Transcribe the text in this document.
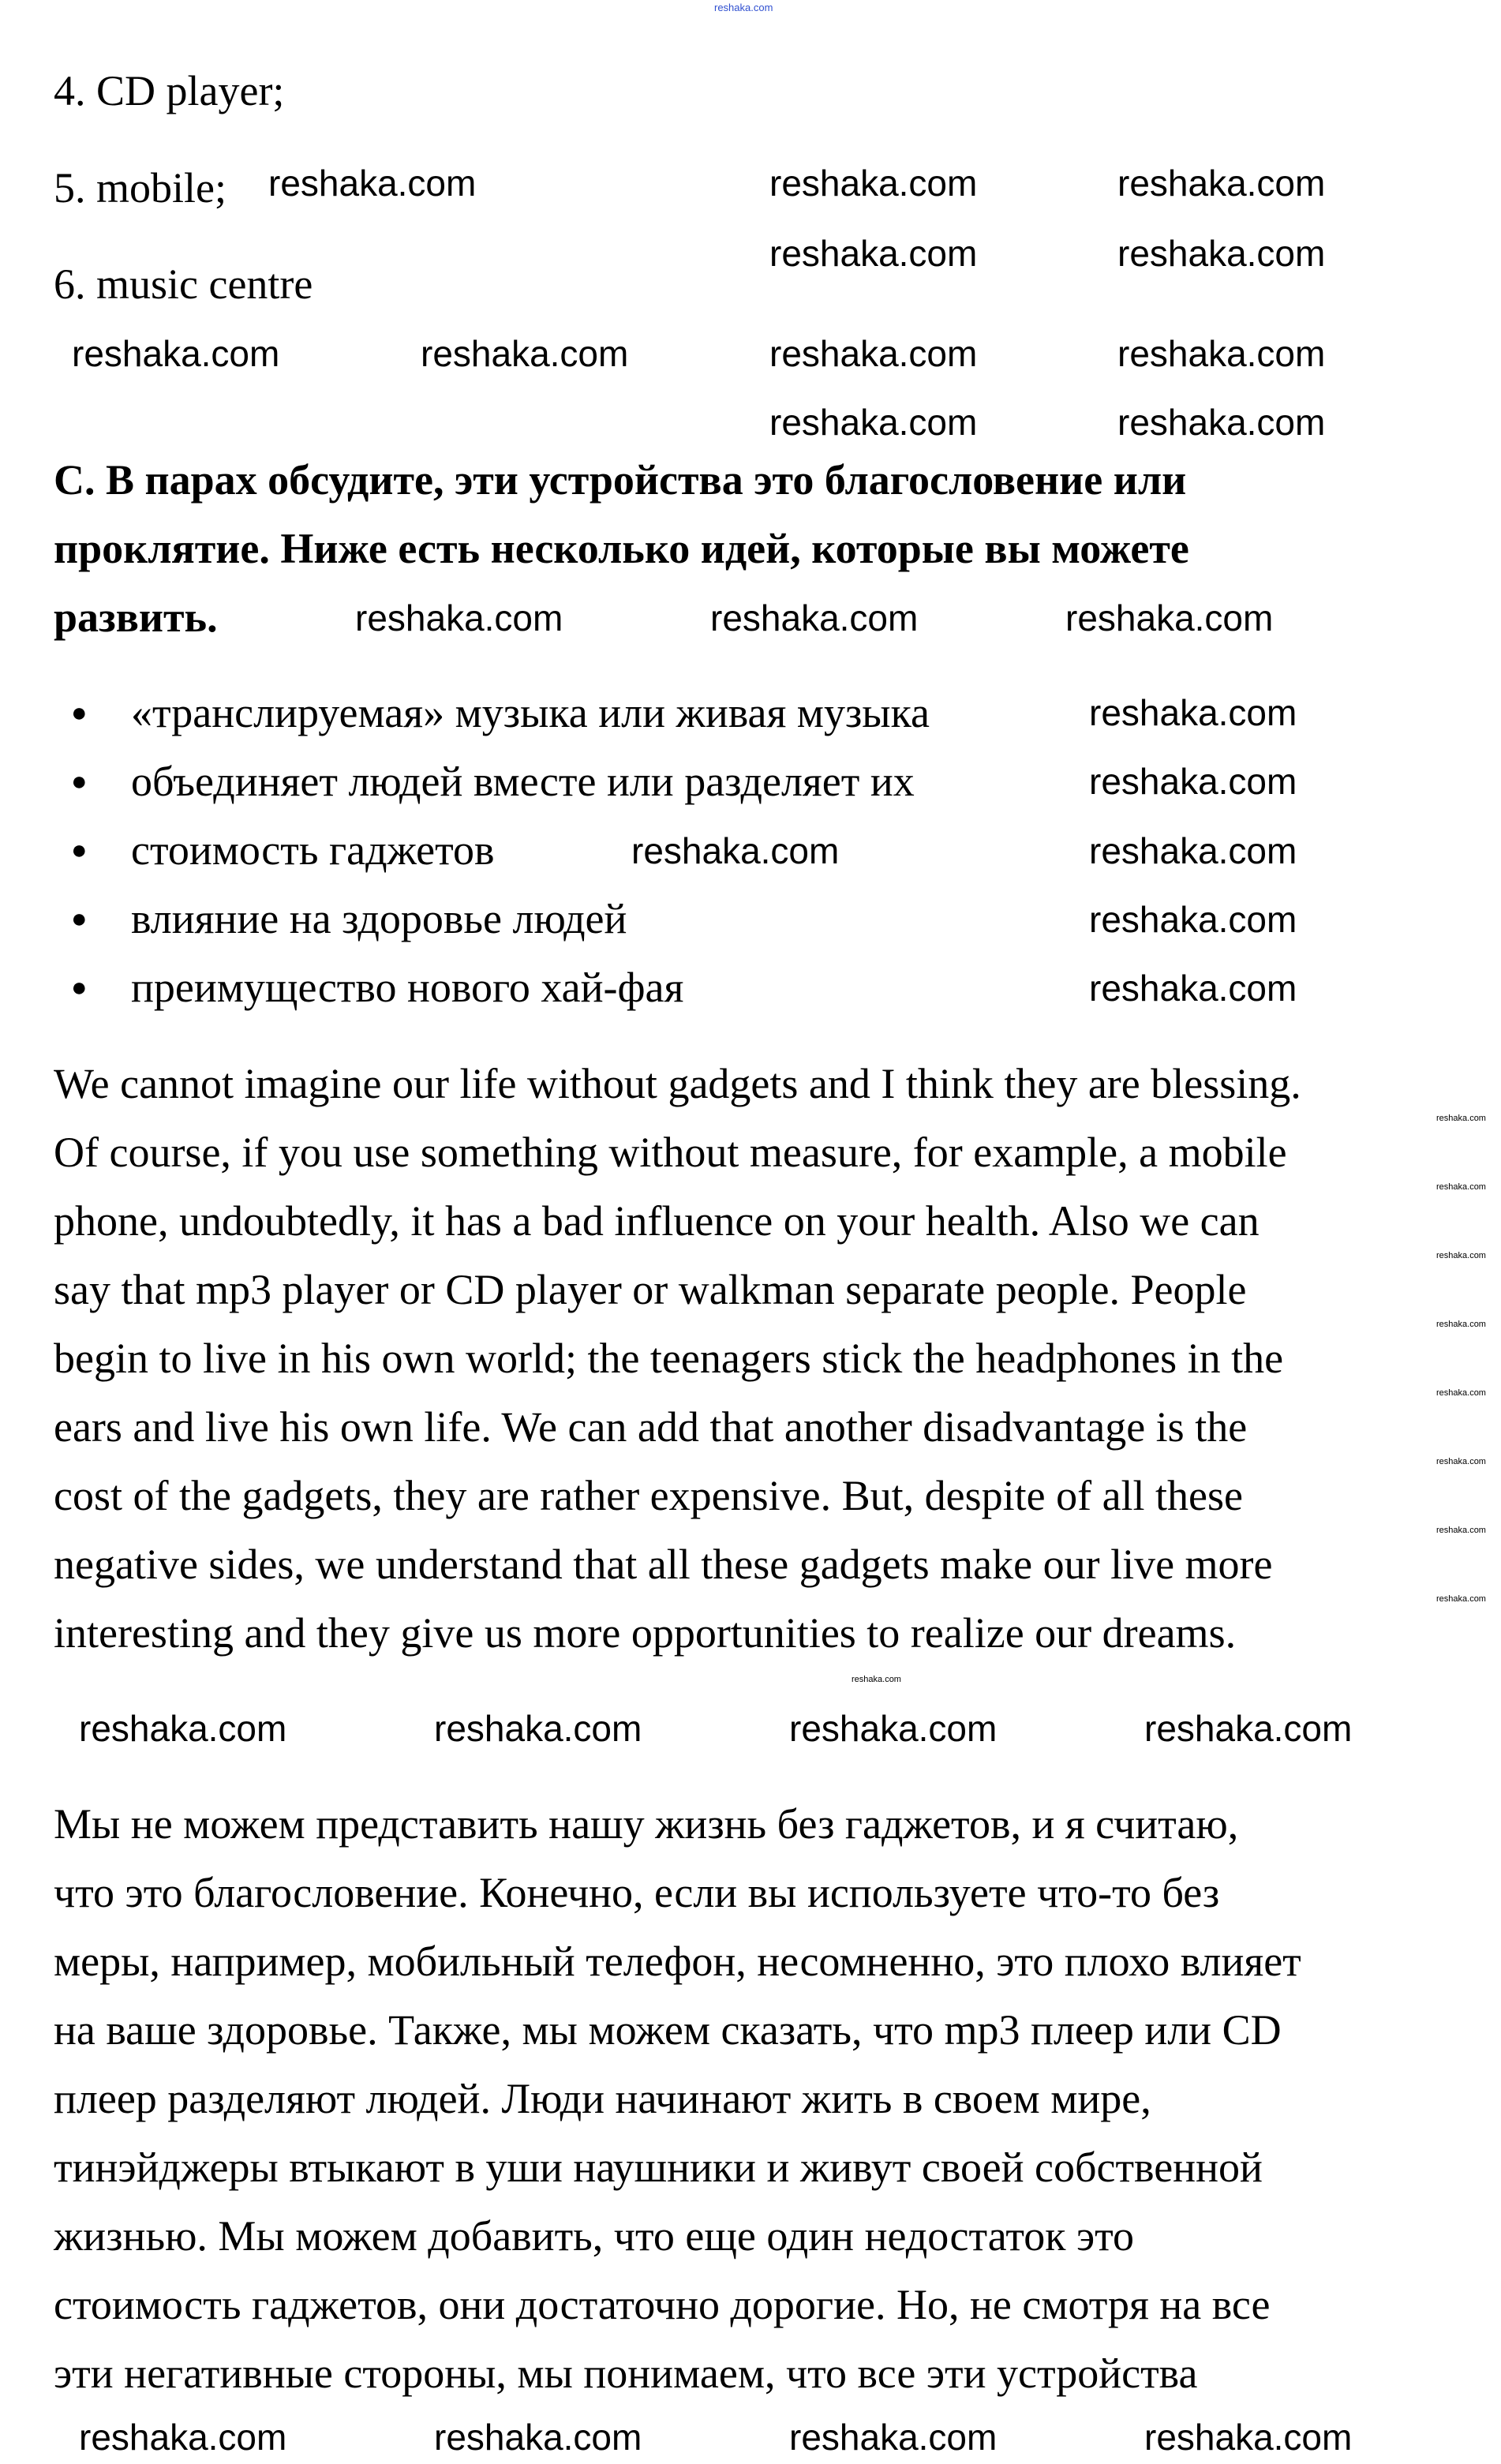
reshaka.com
4. CD player;
5. mobile;
6. music centre
C. В парах обсудите, эти устройства это благословение или
проклятие. Ниже есть несколько идей, которые вы можете
развить.
● «транслируемая» музыка или живая музыка
● объединяет людей вместе или разделяет их
● стоимость гаджетов
● влияние на здоровье людей
● преимущество нового хай-фая
We cannot imagine our life without gadgets and I think they are blessing.
Of course, if you use something without measure, for example, a mobile
phone, undoubtedly, it has a bad influence on your health. Also we can
say that mp3 player or CD player or walkman separate people. People
begin to live in his own world; the teenagers stick the headphones in the
ears and live his own life. We can add that another disadvantage is the
cost of the gadgets, they are rather expensive. But, despite of all these
negative sides, we understand that all these gadgets make our live more
interesting and they give us more opportunities to realize our dreams.
Мы не можем представить нашу жизнь без гаджетов, и я считаю,
что это благословение. Конечно, если вы используете что-то без
меры, например, мобильный телефон, несомненно, это плохо влияет
на ваше здоровье. Также, мы можем сказать, что mp3 плеер или CD
плеер разделяют людей. Люди начинают жить в своем мире,
тинэйджеры втыкают в уши наушники и живут своей собственной
жизнью. Мы можем добавить, что еще один недостаток это
стоимость гаджетов, они достаточно дорогие. Но, не смотря на все
эти негативные стороны, мы понимаем, что все эти устройства
reshaka.com	reshaka.com	reshaka.com
reshaka.com	reshaka.com
reshaka.com	reshaka.com	reshaka.com	reshaka.com
reshaka.com	reshaka.com
reshaka.com	reshaka.com	reshaka.com
reshaka.com
reshaka.com
reshaka.com	reshaka.com
reshaka.com
reshaka.com
reshaka.com
reshaka.com
reshaka.com
reshaka.com
reshaka.com
reshaka.com
reshaka.com
reshaka.com
reshaka.com
reshaka.com	reshaka.com	reshaka.com	reshaka.com
reshaka.com	reshaka.com	reshaka.com	reshaka.com
